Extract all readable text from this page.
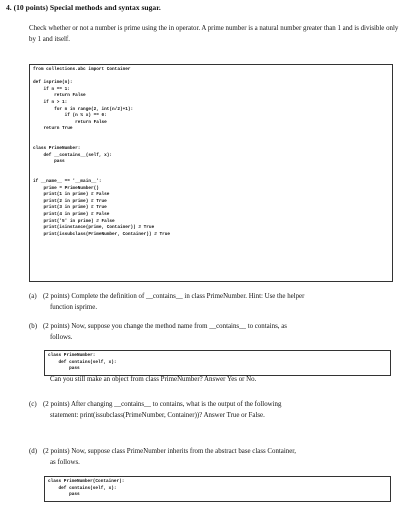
4. (10 points) Special methods and syntax sugar.
Check whether or not a number is prime using the in operator. A prime number is a natural number greater than 1 and is divisible only by 1 and itself.
from collections.abc import Container
def isprime(n):
if n == 1:
return False
if n > 1:
for n in range(2, int(n/2)+1):
if (n % x) == 0:
return False
return True
class PrimeNumber:
def __contains__(self, x):
pass
if __name__ == '__main__':
prime = PrimeNumber()
print(1 in prime) # False
print(2 in prime) # True
print(3 in prime) # True
print(4 in prime) # False
print('5' in prime) # False
print(isinstance(prime, Container)) # True
print(issubclass(PrimeNumber, Container)) # True
(a) (2 points) Complete the definition of __contains__ in class PrimeNumber. Hint: Use the helper
function isprime.
(b) (2 points) Now, suppose you change the method name from __contains__ to contains, as
follows.
class PrimeNumber:
def contains(self, x):
pass
Can you still make an object from class PrimeNumber? Answer Yes or No.
(c) (2 points) After changing __contains__ to contains, what is the output of the following
statement: print(issubclass(PrimeNumber, Container))? Answer True or False.
(d) (2 points) Now, suppose class PrimeNumber inherits from the abstract base class Container,
as follows.
class PrimeNumber(Container):
def contains(self, x):
pass
